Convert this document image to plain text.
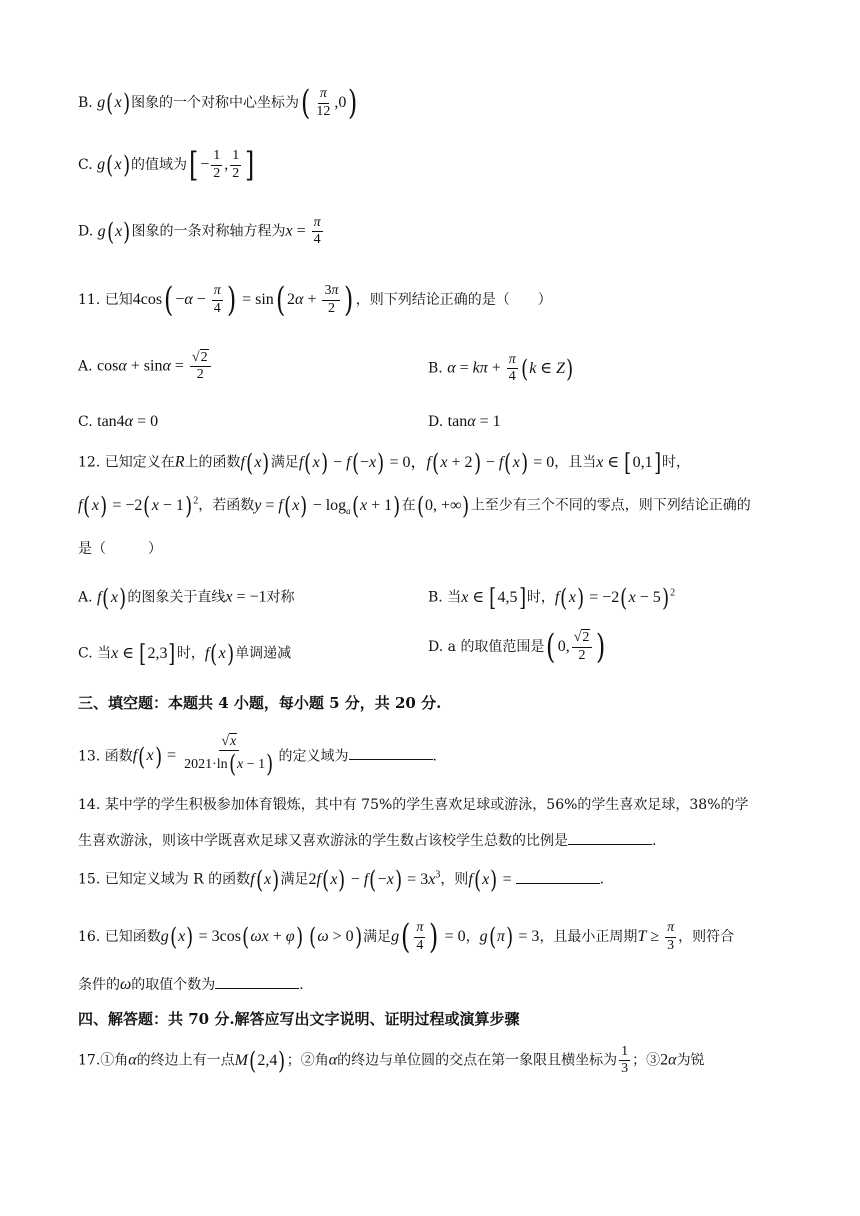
B. g(x)图象的一个对称中心坐标为( $\frac{\pi}{12} ,0$)
C. g(x)的值域为[ − $\frac{1}{2}$ , $\frac{1}{2}$ ]
D. g(x)图象的一条对称轴方程为$x = \frac{\pi}{4}$
11. 已知$4\cos( -\alpha - \frac{\pi}{4}$ ) = sin( $2\alpha + \frac{3\pi}{2}$ ) ，则下列结论正确的是（　　）
A. $\cos\alpha + \sin\alpha = \frac{√2}{2}$	B. $\alpha = k\pi + \frac{\pi}{4} (k$ ∈ Z)
C. tan4α = 0	D. tanα = 1
12. 已知定义在R上的函数f(x)满足f(x) − f(−x) = 0，f(x + 2) − f(x) = 0，且当x ∈ [0,1]时，
$f(x) = -2(x - 1)^2$，若函数$y = f(x) - \log_a(x + 1)$在(0, +∞)上至少有三个不同的零点，则下列结论正确的
是（　　　）
A. f(x)的图象关于直线x = −1对称	B. 当x ∈ [4,5]时，$f(x) = -2(x - 5)^2$
C. 当x ∈ [2,3]时，f(x)单调递减	D. a 的取值范围是( 0, $\frac{√2}{2}$ )
三、填空题：本题共 4 小题，每小题 5 分，共 20 分.
13. 函数$f(x) = \frac{√x}{2021\cdot\ln(x - 1)}$ 的定义域为	.
14. 某中学的学生积极参加体育锻炼，其中有 75%的学生喜欢足球或游泳，56%的学生喜欢足球，38%的学
生喜欢游泳，则该中学既喜欢足球又喜欢游泳的学生数占该校学生总数的比例是	.
15. 已知定义域为 R 的函数f(x)满足$2f(x) - f(-x) = 3x^3$，则f(x) =	.
16. 已知函数g(x) = 3cos(ωx + φ) (ω > 0)满足$g( \frac{\pi}{4}$ ) = 0，g(π) = 3，且最小正周期$T \ge \frac{\pi}{3}$ ，则符合
条件的ω的取值个数为	.
四、解答题：共 70 分.解答应写出文字说明、证明过程或演算步骤
17.①角α的终边上有一点M(2,4)；②角α的终边与单位圆的交点在第一象限且横坐标为 $\frac{1}{3}$ ；③2α为锐
